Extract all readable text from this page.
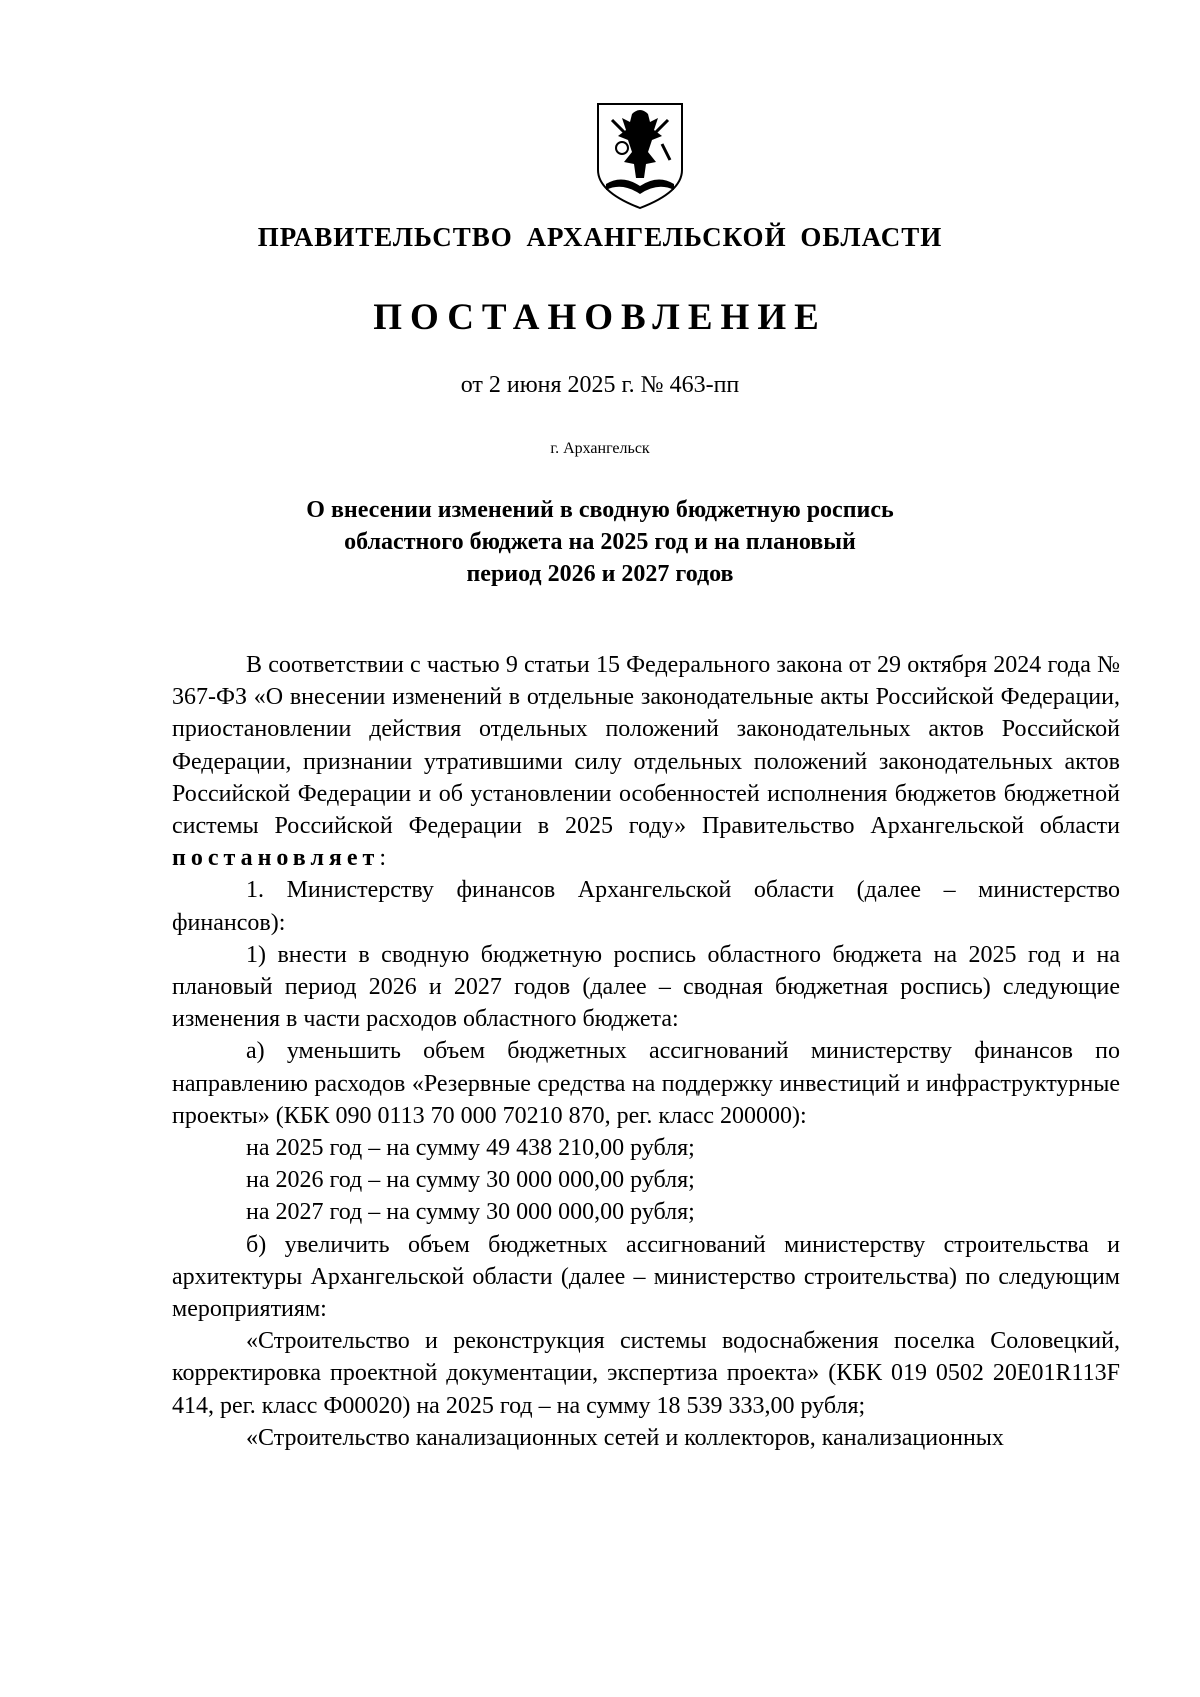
ПРАВИТЕЛЬСТВО АРХАНГЕЛЬСКОЙ ОБЛАСТИ
ПОСТАНОВЛЕНИЕ
от 2 июня 2025 г. № 463-пп
г. Архангельск
О внесении изменений в сводную бюджетную роспись
областного бюджета на 2025 год и на плановый
период 2026 и 2027 годов

В соответствии с частью 9 статьи 15 Федерального закона от 29 октября 2024 года № 367-ФЗ «О внесении изменений в отдельные законодательные акты Российской Федерации, приостановлении действия отдельных положений законодательных актов Российской Федерации, признании утратившими силу отдельных положений законодательных актов Российской Федерации и об установлении особенностей исполнения бюджетов бюджетной системы Российской Федерации в 2025 году» Правительство Архангельской области постановляет:

1. Министерству финансов Архангельской области (далее – министерство финансов):

1) внести в сводную бюджетную роспись областного бюджета на 2025 год и на плановый период 2026 и 2027 годов (далее – сводная бюджетная роспись) следующие изменения в части расходов областного бюджета:

а) уменьшить объем бюджетных ассигнований министерству финансов по направлению расходов «Резервные средства на поддержку инвестиций и инфраструктурные проекты» (КБК 090 0113 70 000 70210 870, рег. класс 200000):

на 2025 год – на сумму 49 438 210,00 рубля;

на 2026 год – на сумму 30 000 000,00 рубля;

на 2027 год – на сумму 30 000 000,00 рубля;

б) увеличить объем бюджетных ассигнований министерству строительства и архитектуры Архангельской области (далее – министерство строительства) по следующим мероприятиям:

«Строительство и реконструкция системы водоснабжения поселка Соловецкий, корректировка проектной документации, экспертиза проекта» (КБК 019 0502 20Е01R113F 414, рег. класс Ф00020) на 2025 год – на сумму 18 539 333,00 рубля;

«Строительство канализационных сетей и коллекторов, канализационных
